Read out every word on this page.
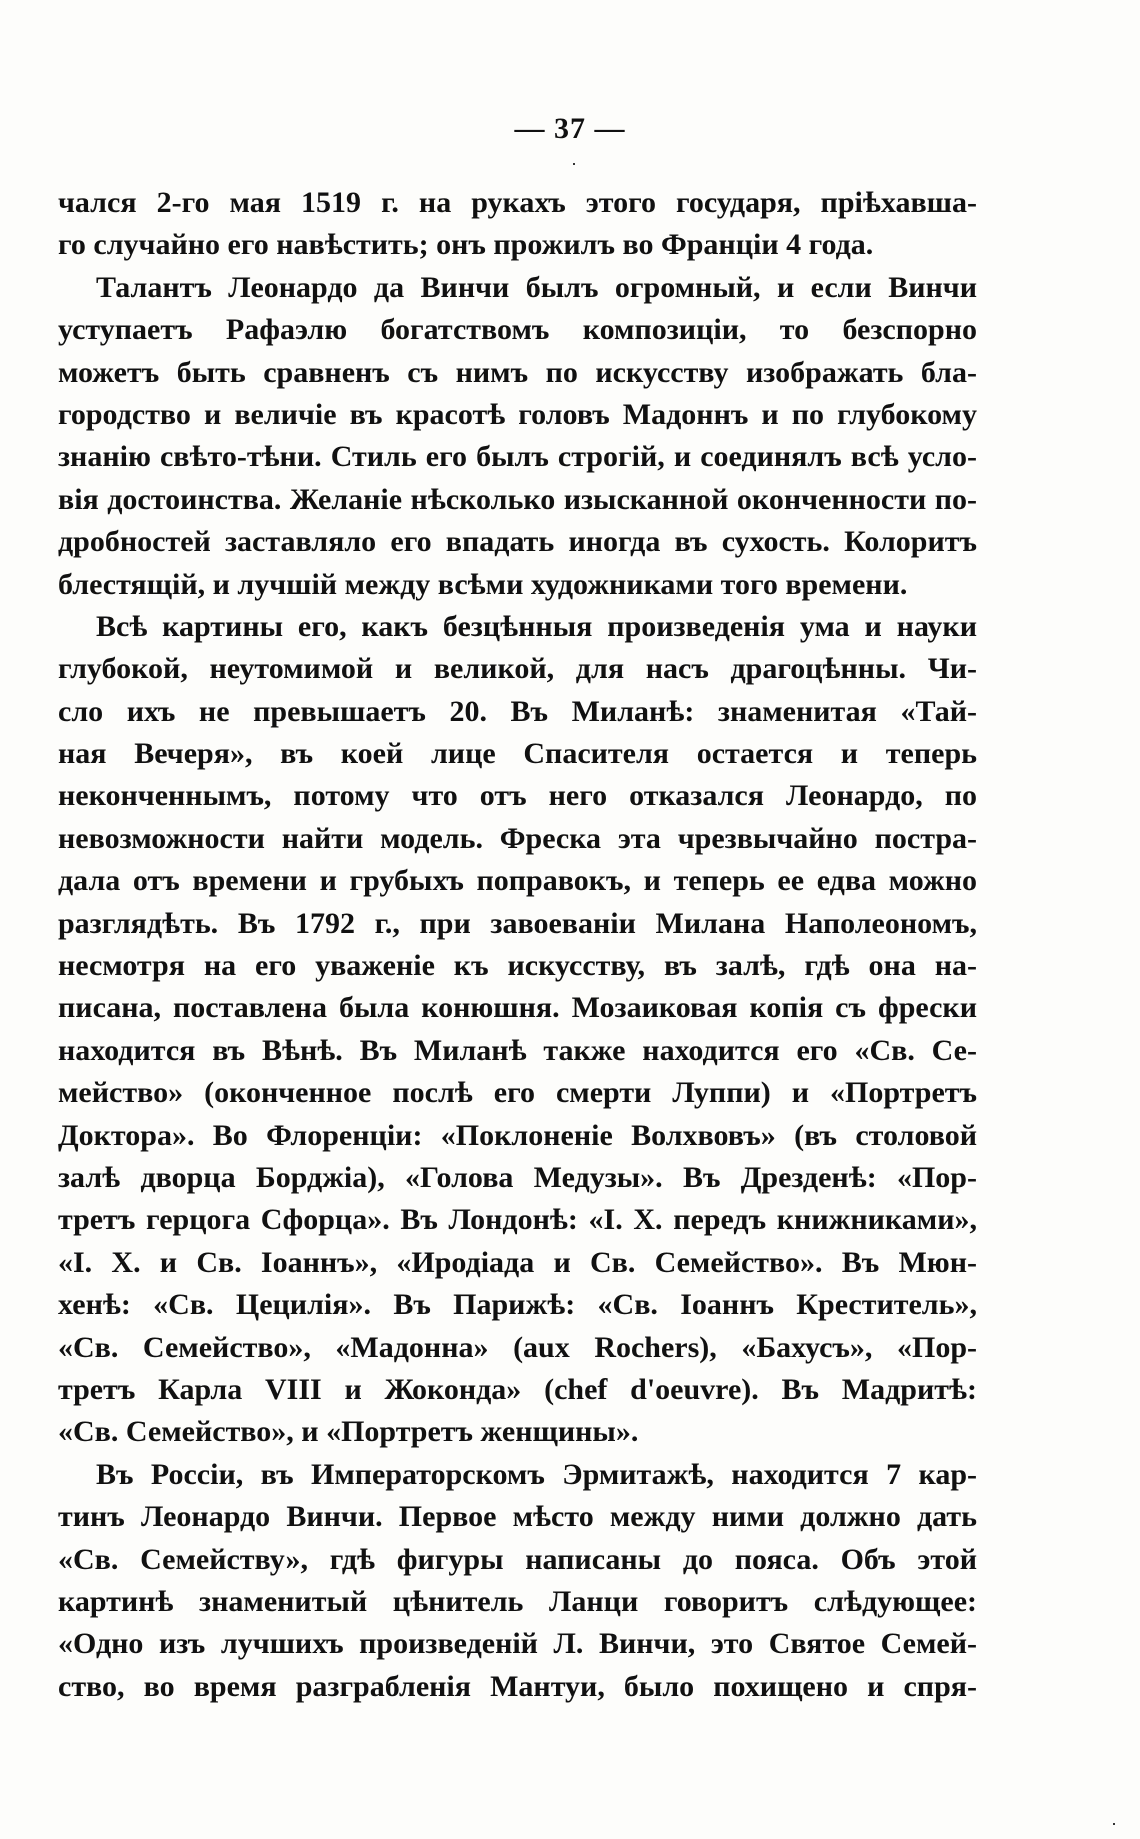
— 37 —
чался 2-го мая 1519 г. на рукахъ этого государя, пріѣхавша-
го случайно его навѣстить; онъ прожилъ во Франціи 4 года.
Талантъ Леонардо да Винчи былъ огромный, и если Винчи
уступаетъ Рафаэлю богатствомъ композиціи, то безспорно
можетъ быть сравненъ съ нимъ по искусству изображать бла-
городство и величіе въ красотѣ головъ Мадоннъ и по глубокому
знанію свѣто-тѣни. Стиль его былъ строгій, и соединялъ всѣ усло-
вія достоинства. Желаніе нѣсколько изысканной оконченности по-
дробностей заставляло его впадать иногда въ сухость. Колоритъ
блестящій, и лучшій между всѣми художниками того времени.
Всѣ картины его, какъ безцѣнныя произведенія ума и науки
глубокой, неутомимой и великой, для насъ драгоцѣнны. Чи-
сло ихъ не превышаетъ 20. Въ Миланѣ: знаменитая «Тай-
ная Вечеря», въ коей лице Спасителя остается и теперь
неконченнымъ, потому что отъ него отказался Леонардо, по
невозможности найти модель. Фреска эта чрезвычайно пострa-
дала отъ времени и грубыхъ поправокъ, и теперь ее едва можно
разглядѣть. Въ 1792 г., при завоеваніи Милана Наполеономъ,
несмотря на его уваженіе къ искусству, въ залѣ, гдѣ она на-
писана, поставлена была конюшня. Мозаиковая копія съ фрески
находится въ Вѣнѣ. Въ Миланѣ также находится его «Св. Се-
мейство» (оконченное послѣ его смерти Луппи) и «Портретъ
Доктора». Во Флоренціи: «Поклоненіе Волхвовъ» (въ столовой
залѣ дворца Борджіа), «Голова Медузы». Въ Дрезденѣ: «Пор-
третъ герцога Сфорца». Въ Лондонѣ: «І. Х. передъ книжниками»,
«І. Х. и Св. Іоаннъ», «Иродіада и Св. Семейство». Въ Мюн-
хенѣ: «Св. Цецилія». Въ Парижѣ: «Св. Іоаннъ Креститель»,
«Св. Семейство», «Мадонна» (aux Rochers), «Бахусъ», «Пор-
третъ Карла VIII и Жоконда» (chef d'oeuvre). Въ Мадритѣ:
«Св. Семейство», и «Портретъ женщины».
Въ Россіи, въ Императорскомъ Эрмитажѣ, находится 7 кар-
тинъ Леонардо Винчи. Первое мѣсто между ними должно дать
«Св. Семейству», гдѣ фигуры написаны до пояса. Объ этой
картинѣ знаменитый цѣнитель Ланци говоритъ слѣдующее:
«Одно изъ лучшихъ произведеній Л. Винчи, это Святое Семей-
ство, во время разграбленія Мантуи, было похищено и спря-
